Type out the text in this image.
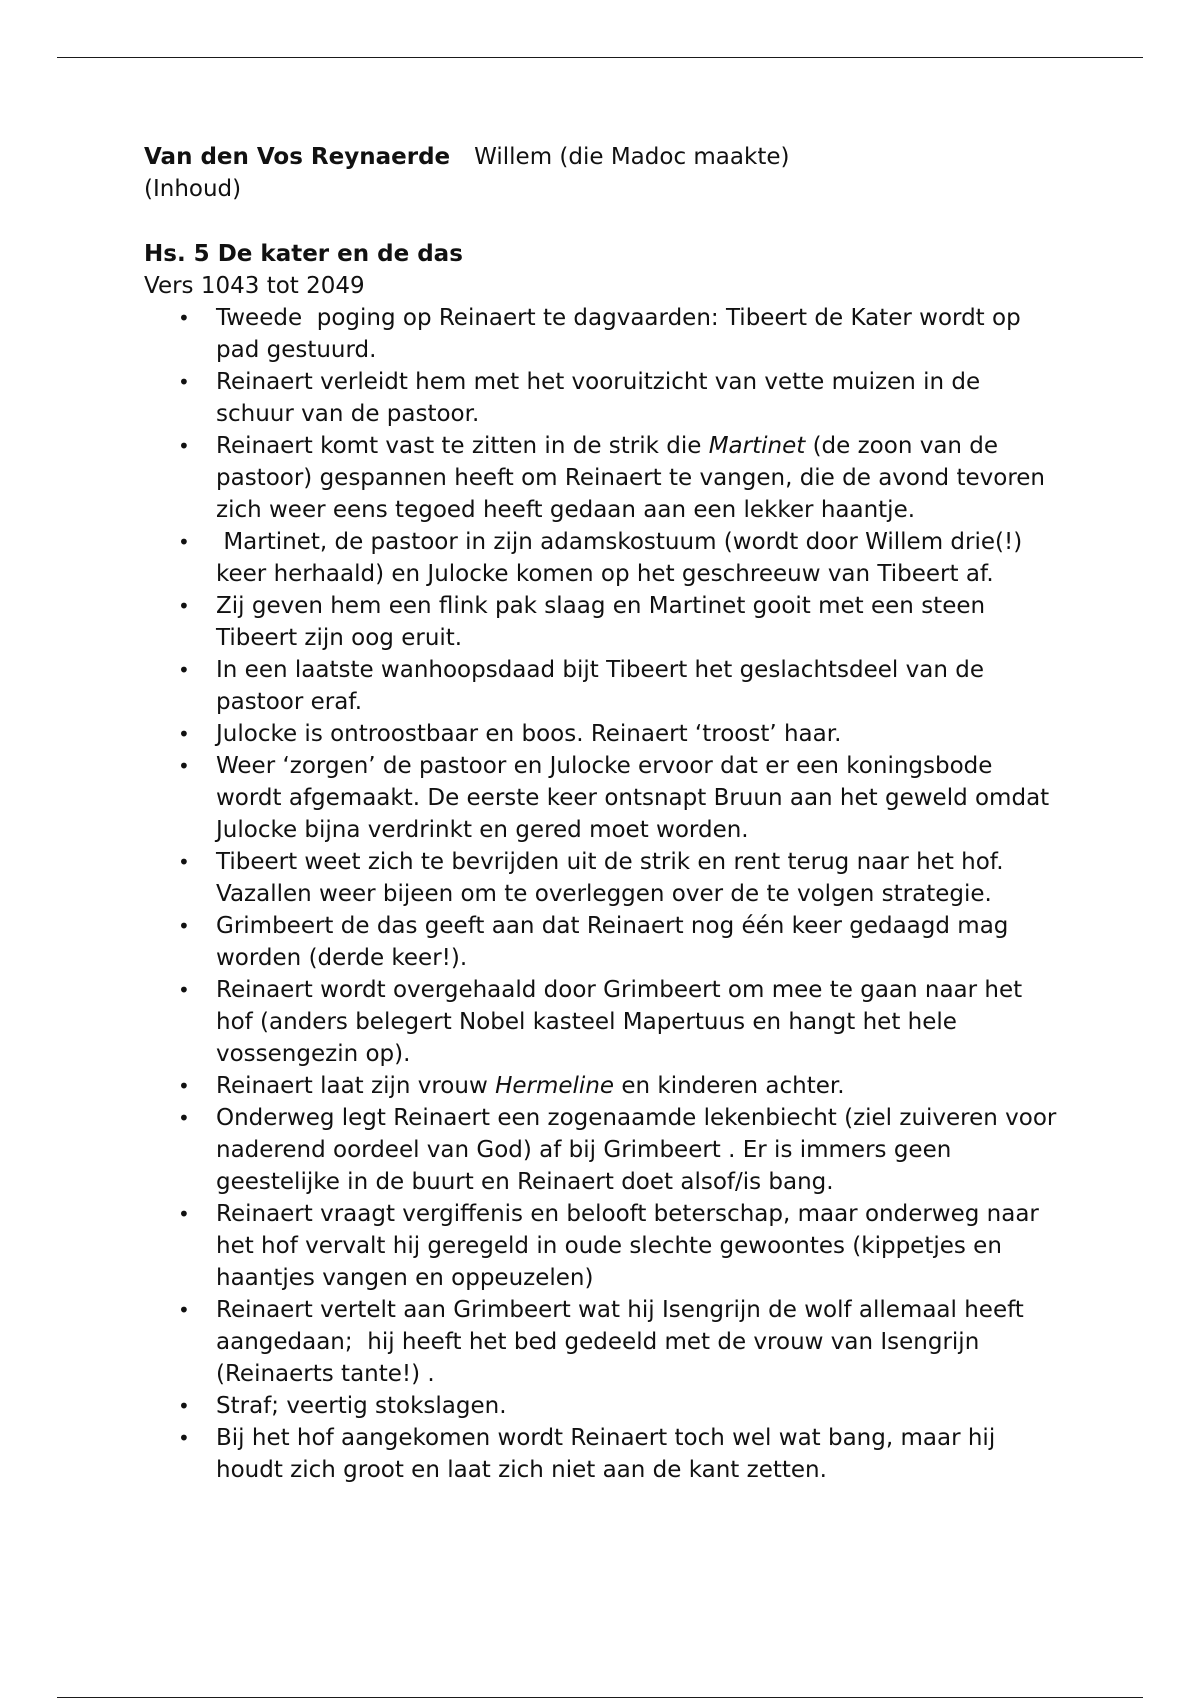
Van den Vos Reynaerde Willem (die Madoc maakte)

(Inhoud)

Hs. 5 De kater en de das

Vers 1043 tot 2049

• Tweede  poging op Reinaert te dagvaarden: Tibeert de Kater wordt op pad gestuurd.
• Reinaert verleidt hem met het vooruitzicht van vette muizen in de schuur van de pastoor.
• Reinaert komt vast te zitten in de strik die Martinet (de zoon van de pastoor) gespannen heeft om Reinaert te vangen, die de avond tevoren zich weer eens tegoed heeft gedaan aan een lekker haantje.
• Martinet, de pastoor in zijn adamskostuum (wordt door Willem drie(!) keer herhaald) en Julocke komen op het geschreeuw van Tibeert af.
• Zij geven hem een flink pak slaag en Martinet gooit met een steen Tibeert zijn oog eruit.
• In een laatste wanhoopsdaad bijt Tibeert het geslachtsdeel van de pastoor eraf.
• Julocke is ontroostbaar en boos. Reinaert ‘troost’ haar.
• Weer ‘zorgen’ de pastoor en Julocke ervoor dat er een koningsbode wordt afgemaakt. De eerste keer ontsnapt Bruun aan het geweld omdat Julocke bijna verdrinkt en gered moet worden.
• Tibeert weet zich te bevrijden uit de strik en rent terug naar het hof. Vazallen weer bijeen om te overleggen over de te volgen strategie.
• Grimbeert de das geeft aan dat Reinaert nog één keer gedaagd mag worden (derde keer!).
• Reinaert wordt overgehaald door Grimbeert om mee te gaan naar het hof (anders belegert Nobel kasteel Mapertuus en hangt het hele vossengezin op).
• Reinaert laat zijn vrouw Hermeline en kinderen achter.
• Onderweg legt Reinaert een zogenaamde lekenbiecht (ziel zuiveren voor naderend oordeel van God) af bij Grimbeert . Er is immers geen geestelijke in de buurt en Reinaert doet alsof/is bang.
• Reinaert vraagt vergiffenis en belooft beterschap, maar onderweg naar het hof vervalt hij geregeld in oude slechte gewoontes (kippetjes en haantjes vangen en oppeuzelen)
• Reinaert vertelt aan Grimbeert wat hij Isengrijn de wolf allemaal heeft aangedaan;  hij heeft het bed gedeeld met de vrouw van Isengrijn (Reinaerts tante!) .
• Straf; veertig stokslagen.
• Bij het hof aangekomen wordt Reinaert toch wel wat bang, maar hij houdt zich groot en laat zich niet aan de kant zetten.
